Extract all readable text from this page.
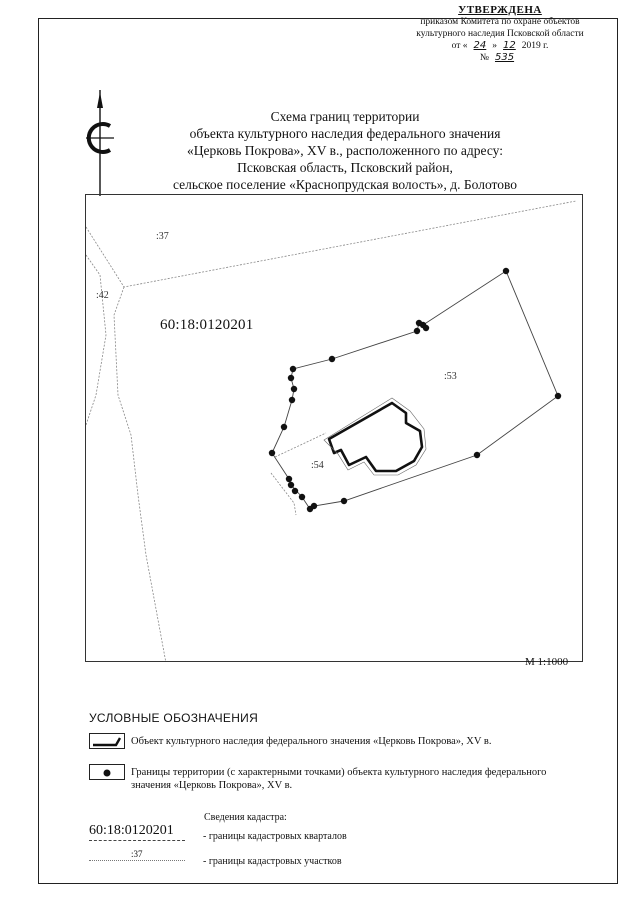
УТВЕРЖДЕНА
приказом Комитета по охране объектов
культурного наследия Псковской области
от « 24 » 12 2019 г.
№ 535
Схема границ территории
объекта культурного наследия федерального значения
«Церковь Покрова», XV в., расположенного по адресу:
Псковская область, Псковский район,
сельское поселение «Краснопрудская волость», д. Болотово
:37
:42
:53
:54
60:18:0120201
М 1:1000
УСЛОВНЫЕ ОБОЗНАЧЕНИЯ
Объект культурного наследия федерального значения «Церковь Покрова», XV в.
Границы территории (с характерными точками) объекта культурного наследия федерального
значения «Церковь Покрова», XV в.
Сведения кадастра:
60:18:0120201	- границы кадастровых кварталов
:37
- границы кадастровых участков
